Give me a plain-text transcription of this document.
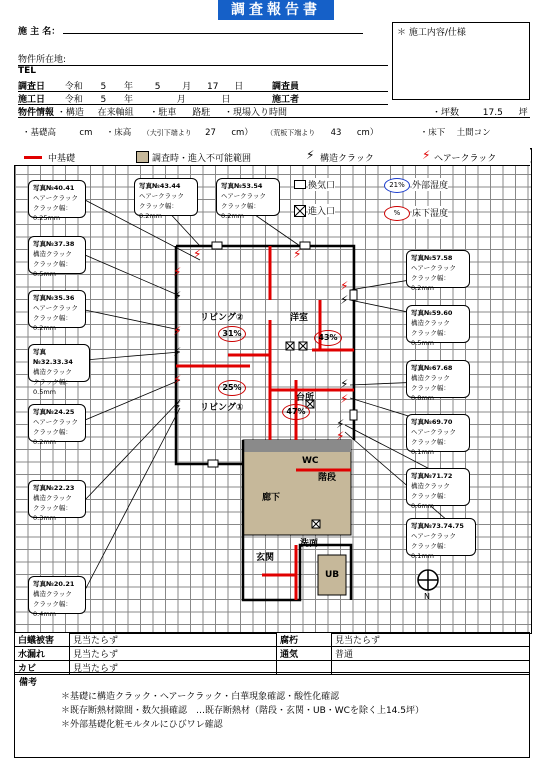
調査報告書
施 主 名：
物件所在地:
TEL
調査日 令和 5 年 5 月 17 日	調査員
施工日 令和 5 年	月	日	施工者
物件情報 ・構造 在来軸組 ・駐車 路駐 ・現場入り時間	・坪数	17.5 坪
・基礎高	cm ・床高 （大引下端より 27 cm） （荒板下端より 43 cm）	・床下 土間コン
＊ 施工内容/仕様
中基礎	調査時・進入不可能範囲	⚡ 構造クラック	⚡ ヘアークラック
換気口
進入口
21% 外部湿度
%	床下湿度
⚡	⚡
⚡
⚡
⚡
⚡
⚡
⚡
⚡
⚡
⚡
⚡
⚡
⚡
リビング②
リビング①
洋室
台所
WC
廊下
階段
玄関
洗面
UB
31%	43%
25%
47%
N
写真№40.41
ヘアークラック
クラック幅：0.25mm
写真№37.38
構造クラック
クラック幅：0.5mm
写真№35.36
ヘアークラック
クラック幅：0.2mm
写真№32.33.34
構造クラック
クラック幅：0.5mm
写真№24.25
ヘアークラック
クラック幅：0.2mm
写真№22.23
構造クラック
クラック幅：0.3mm
写真№20.21
構造クラック
クラック幅：0.4mm
写真№43.44
ヘアークラック
クラック幅：0.2mm
写真№53.54
ヘアークラック
クラック幅：0.2mm
写真№57.58
ヘアークラック
クラック幅：0.2mm
写真№59.60
構造クラック
クラック幅：0.5mm
写真№67.68
構造クラック
クラック幅：0.8mm
写真№69.70
ヘアークラック
クラック幅：0.1mm
写真№71.72
構造クラック
クラック幅：0.6mm
写真№73.74.75
ヘアークラック
クラック幅：0.1mm
白蟻被害	見当たらず	腐朽	見当たらず
水漏れ	見当たらず	通気	普通
カビ	見当たらず		
備考
＊基礎に構造クラック・ヘアークラック・白華現象確認・酸性化確認
＊既存断熱材隙間・数欠損確認　…既存断熱材（階段・玄関・UB・WCを除く上14.5坪）
＊外部基礎化粧モルタルにひびワレ確認
